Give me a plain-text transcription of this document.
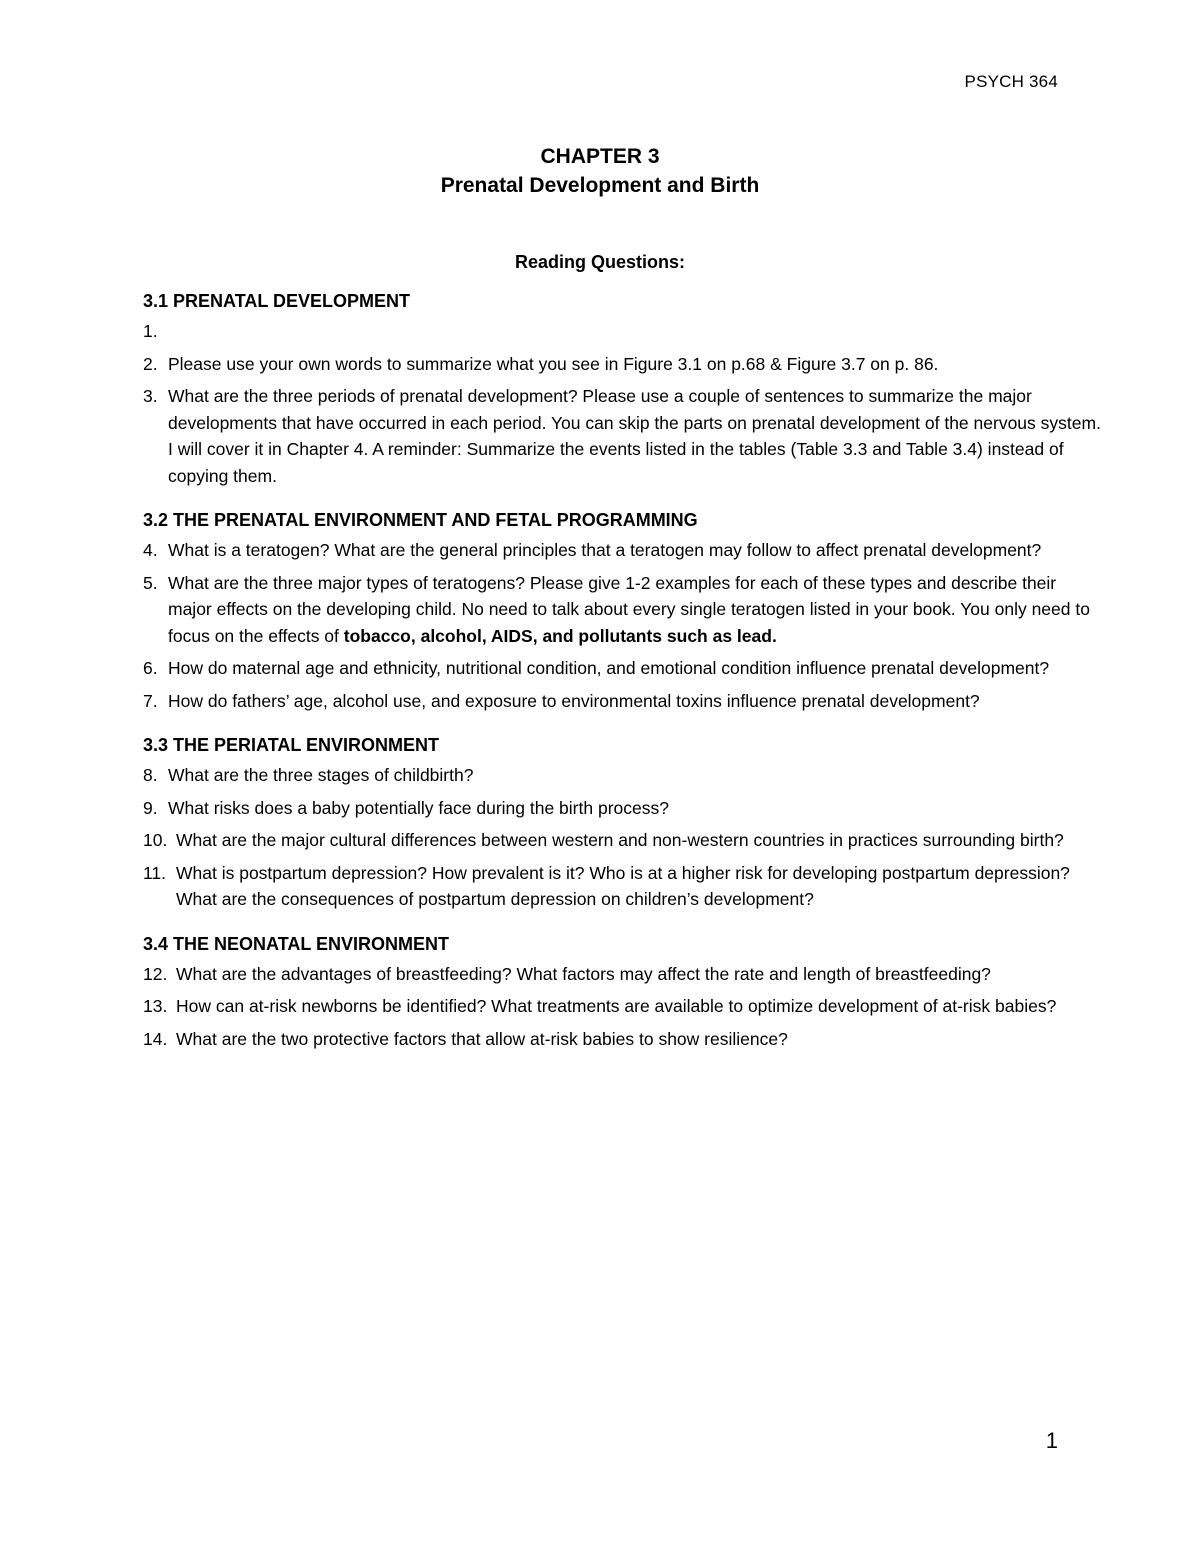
PSYCH 364
CHAPTER 3
Prenatal Development and Birth
Reading Questions:

3.1 PRENATAL DEVELOPMENT

1.

2. Please use your own words to summarize what you see in Figure 3.1 on p.68 & Figure 3.7 on p. 86.
3. What are the three periods of prenatal development? Please use a couple of sentences to summarize the major developments that have occurred in each period. You can skip the parts on prenatal development of the nervous system. I will cover it in Chapter 4. A reminder: Summarize the events listed in the tables (Table 3.3 and Table 3.4) instead of copying them.

3.2 THE PRENATAL ENVIRONMENT AND FETAL PROGRAMMING

4. What is a teratogen? What are the general principles that a teratogen may follow to affect prenatal development?
5. What are the three major types of teratogens? Please give 1-2 examples for each of these types and describe their major effects on the developing child. No need to talk about every single teratogen listed in your book. You only need to focus on the effects of tobacco, alcohol, AIDS, and pollutants such as lead.
6. How do maternal age and ethnicity, nutritional condition, and emotional condition influence prenatal development?
7. How do fathers’ age, alcohol use, and exposure to environmental toxins influence prenatal development?

3.3 THE PERIATAL ENVIRONMENT

8. What are the three stages of childbirth?
9. What risks does a baby potentially face during the birth process?
10. What are the major cultural differences between western and non-western countries in practices surrounding birth?
11. What is postpartum depression? How prevalent is it? Who is at a higher risk for developing postpartum depression? What are the consequences of postpartum depression on children’s development?

3.4 THE NEONATAL ENVIRONMENT

12. What are the advantages of breastfeeding? What factors may affect the rate and length of breastfeeding?
13. How can at-risk newborns be identified? What treatments are available to optimize development of at-risk babies?
14. What are the two protective factors that allow at-risk babies to show resilience?
1
